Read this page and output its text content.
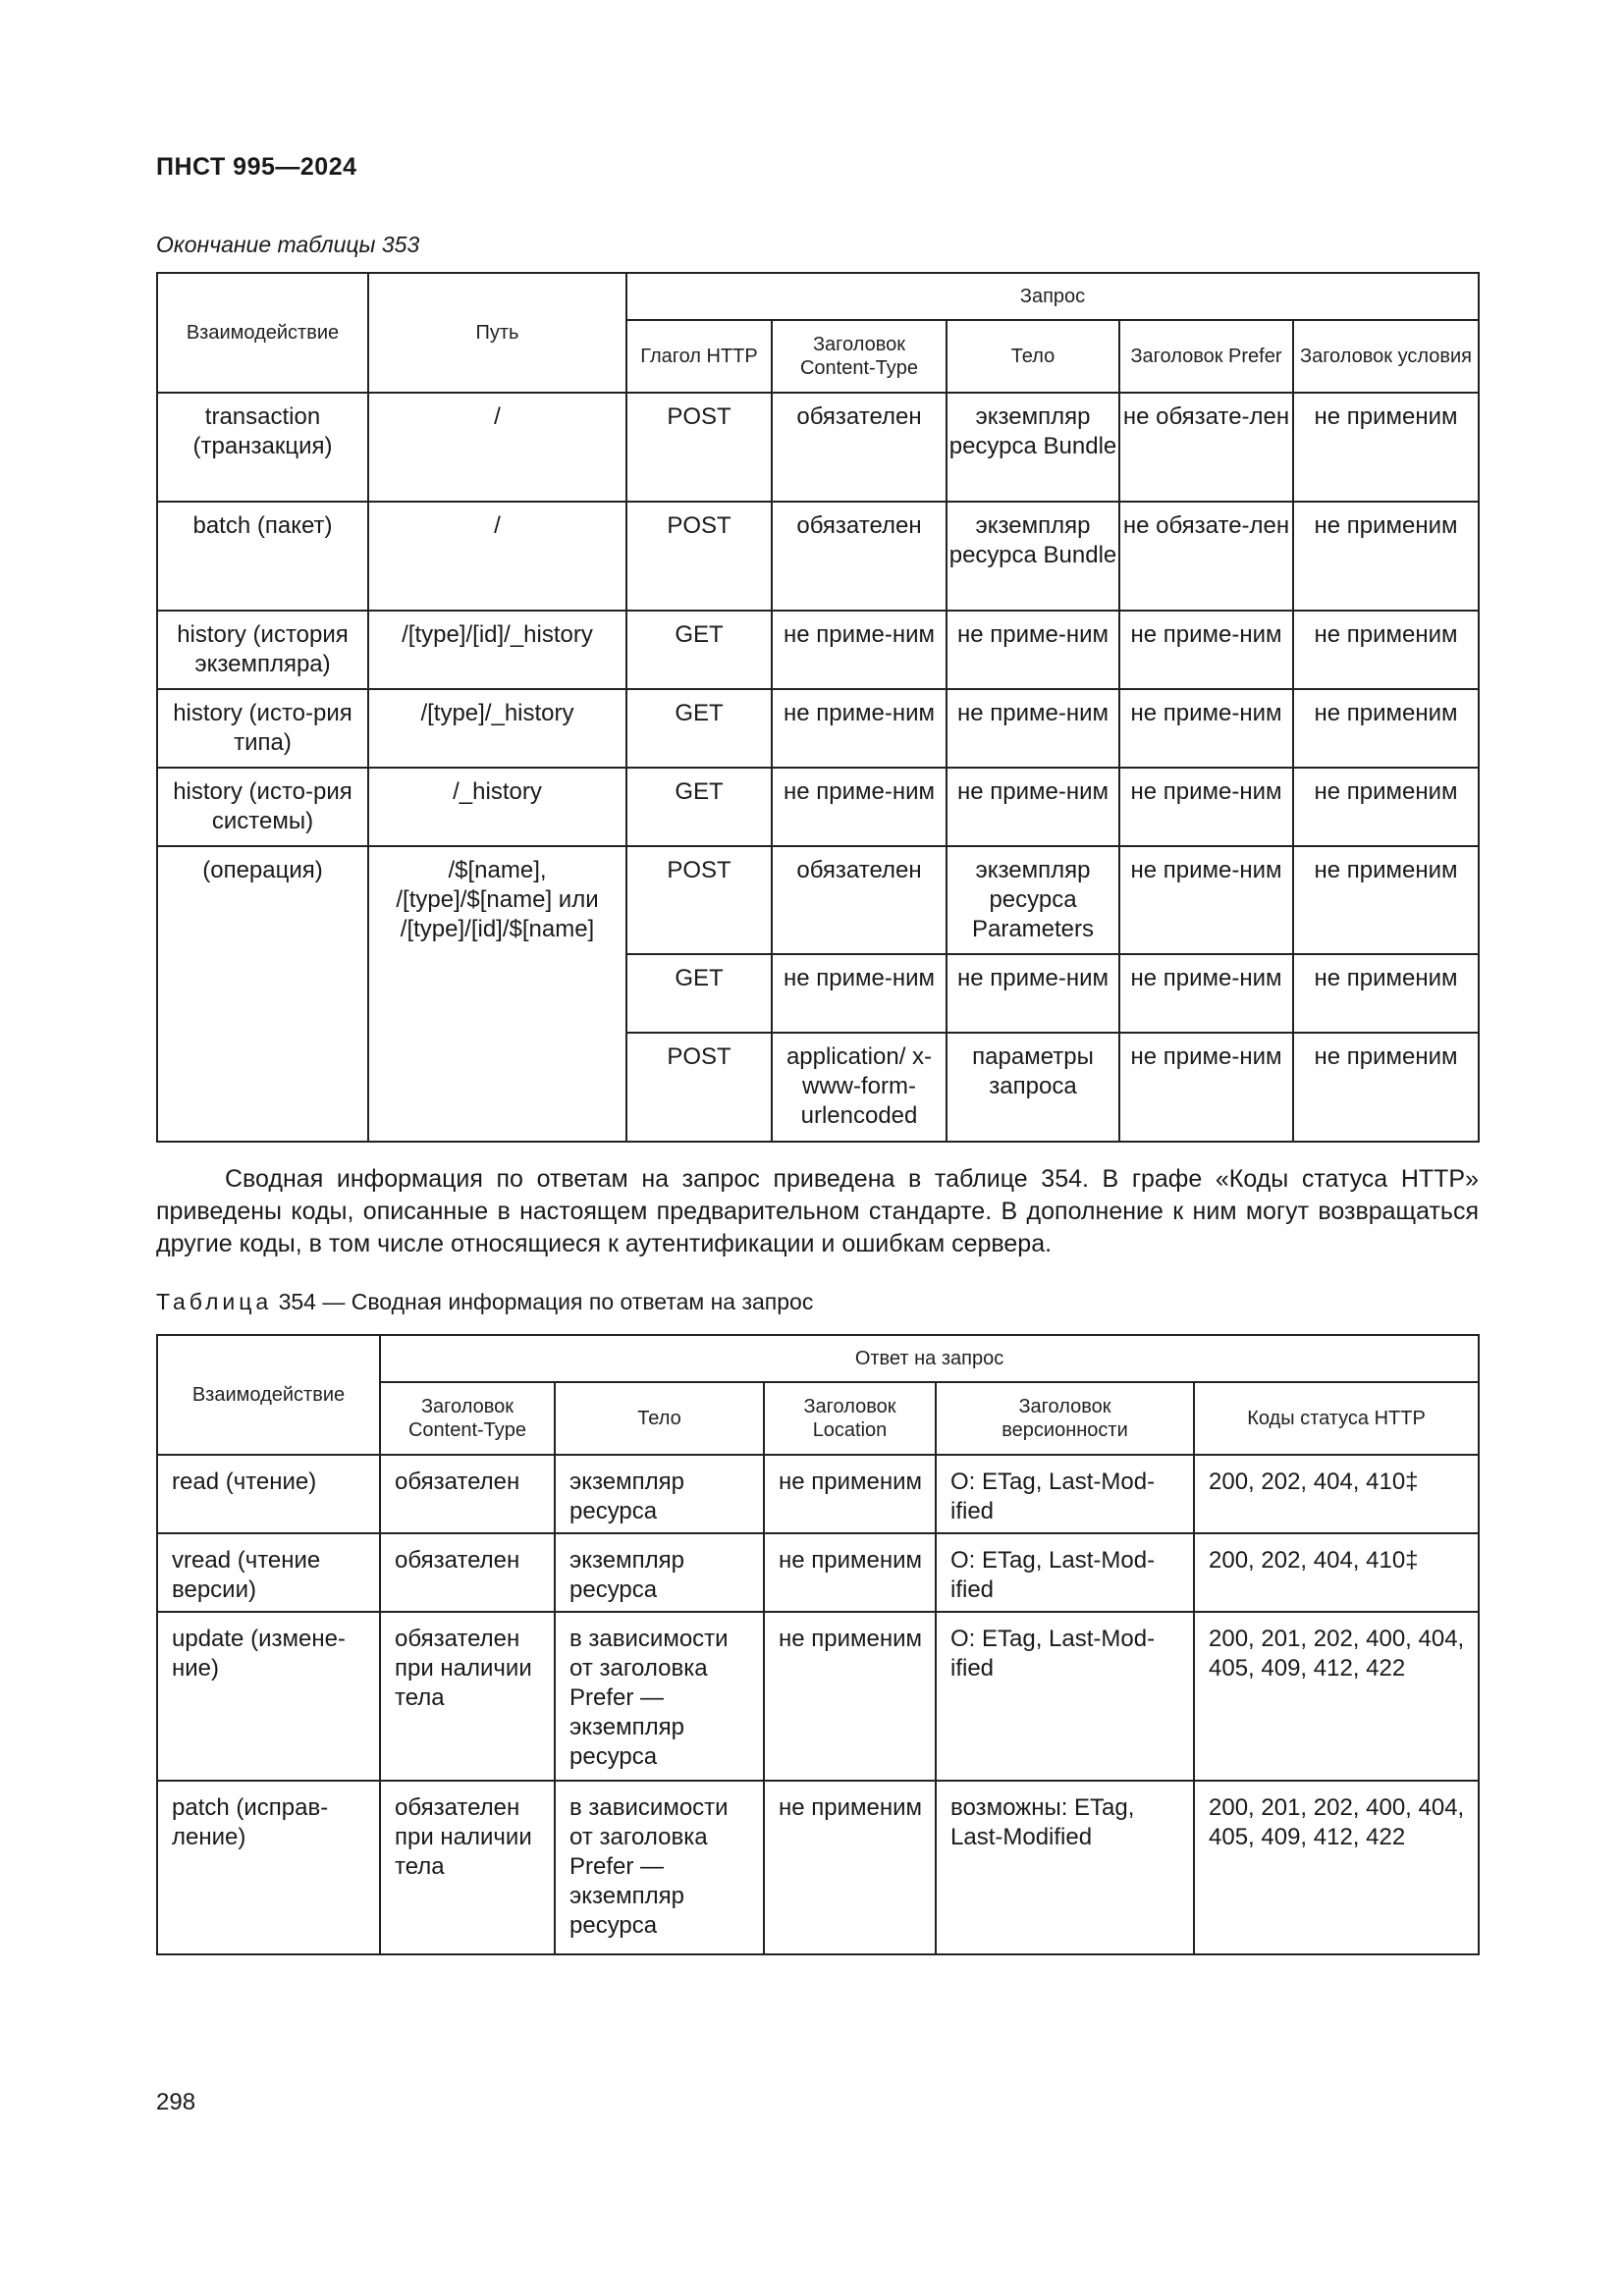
ПНСТ 995—2024
Окончание таблицы 353
Взаимодействие	Путь	Запрос				
		Глагол HTTP	Заголовок Content-Type	Тело	Заголовок Prefer	Заголовок условия
transaction (транзакция)	/	POST	обязателен	экземпляр ресурса Bundle	не обязате-лен	не применим
batch (пакет)	/	POST	обязателен	экземпляр ресурса Bundle	не обязате-лен	не применим
history (история экземпляра)	/[type]/[id]/_history	GET	не приме-ним	не приме-ним	не приме-ним	не применим
history (исто-рия типа)	/[type]/_history	GET	не приме-ним	не приме-ним	не приме-ним	не применим
history (исто-рия системы)	/_history	GET	не приме-ним	не приме-ним	не приме-ним	не применим
(операция)	/$[name], /[type]/$[name] или /[type]/[id]/$[name]	POST	обязателен	экземпляр ресурса Parameters	не приме-ним	не применим
		GET	не приме-ним	не приме-ним	не приме-ним	не применим
		POST	application/ x-www-form-urlencoded	параметры запроса	не приме-ним	не применим

Сводная информация по ответам на запрос приведена в таблице 354. В графе «Коды статуса HTTP» приведены коды, описанные в настоящем предварительном стандарте. В дополнение к ним могут возвращаться другие коды, в том числе относящиеся к аутентификации и ошибкам сервера.

Таблица 354 — Сводная информация по ответам на запрос
Взаимодействие	Ответ на запрос				
	Заголовок Content-Type	Тело	Заголовок Location	Заголовок версионности	Коды статуса HTTP
read (чтение)	обязателен	экземпляр ресурса	не применим	O: ETag, Last-Mod-ified	200, 202, 404, 410‡
vread (чтение версии)	обязателен	экземпляр ресурса	не применим	O: ETag, Last-Mod-ified	200, 202, 404, 410‡
update (измене-ние)	обязателен при наличии тела	в зависимости от заголовка Prefer — экземпляр ресурса	не применим	O: ETag, Last-Mod-ified	200, 201, 202, 400, 404, 405, 409, 412, 422
patch (исправ-ление)	обязателен при наличии тела	в зависимости от заголовка Prefer — экземпляр ресурса	не применим	возможны: ETag, Last-Modified	200, 201, 202, 400, 404, 405, 409, 412, 422
298
